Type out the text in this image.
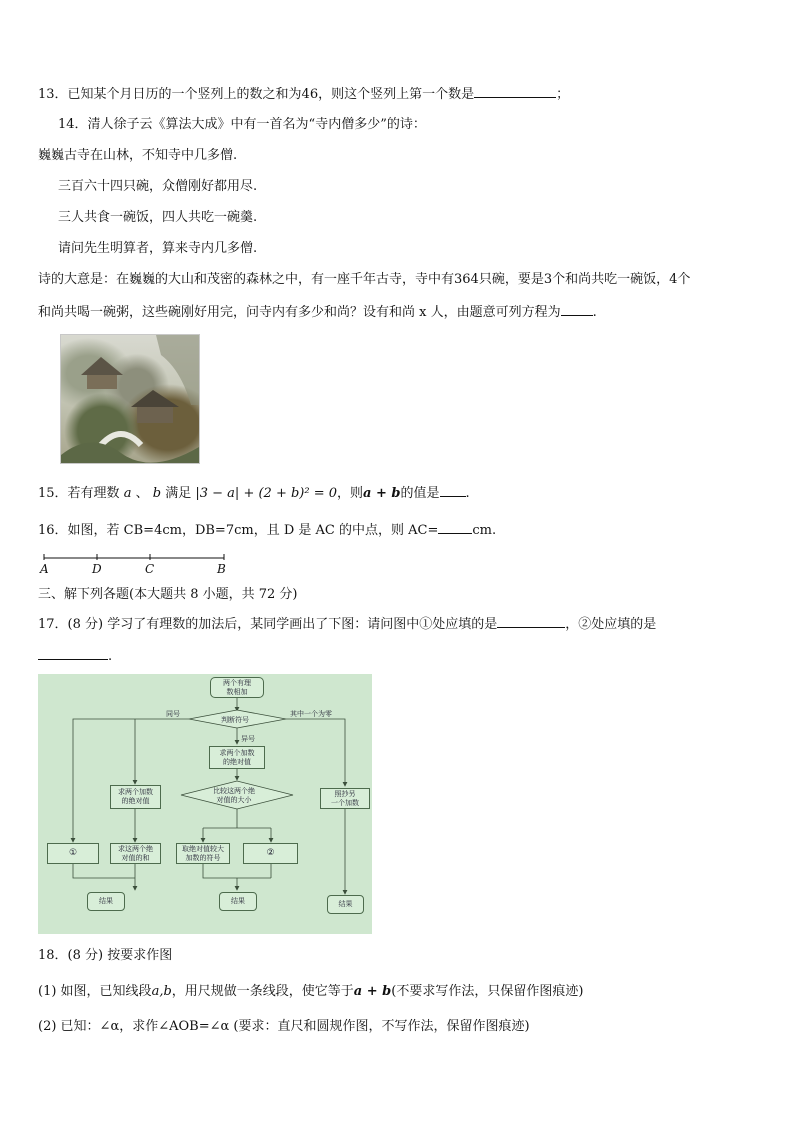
13．已知某个月日历的一个竖列上的数之和为46，则这个竖列上第一个数是	；
14．清人徐子云《算法大成》中有一首名为“寺内僧多少”的诗：
巍巍古寺在山林，不知寺中几多僧.
三百六十四只碗，众僧刚好都用尽.
三人共食一碗饭，四人共吃一碗羹.
请问先生明算者，算来寺内几多僧.
诗的大意是：在巍巍的大山和茂密的森林之中，有一座千年古寺，寺中有364只碗，要是3个和尚共吃一碗饭，4个
和尚共喝一碗粥，这些碗刚好用完，问寺内有多少和尚？设有和尚 x 人，由题意可列方程为 .
15．若有理数 a 、 b 满足 |3 − a| + (2 + b)² = 0，则a + b的值是 .
16．如图，若 CB=4cm，DB=7cm，且 D 是 AC 的中点，则 AC=	cm.
A	D	C	B
三、解下列各题(本大题共 8 小题，共 72 分)
17．(8 分) 学习了有理数的加法后，某同学画出了下图：请问图中①处应填的是	，②处应填的是
.
两个有理
数相加
判断符号
同号	其中一个为零
异号
求两个加数
的绝对值
比较这两个绝
对值的大小
求两个加数
的绝对值
照抄另
一个加数
①	求这两个绝
对值的和
取绝对值较大
加数的符号	②
结果	结果	结果
18．(8 分) 按要求作图
(1) 如图，已知线段a,b，用尺规做一条线段，使它等于a + b(不要求写作法，只保留作图痕迹)
(2) 已知：∠α，求作∠AOB=∠α (要求：直尺和圆规作图，不写作法，保留作图痕迹)
